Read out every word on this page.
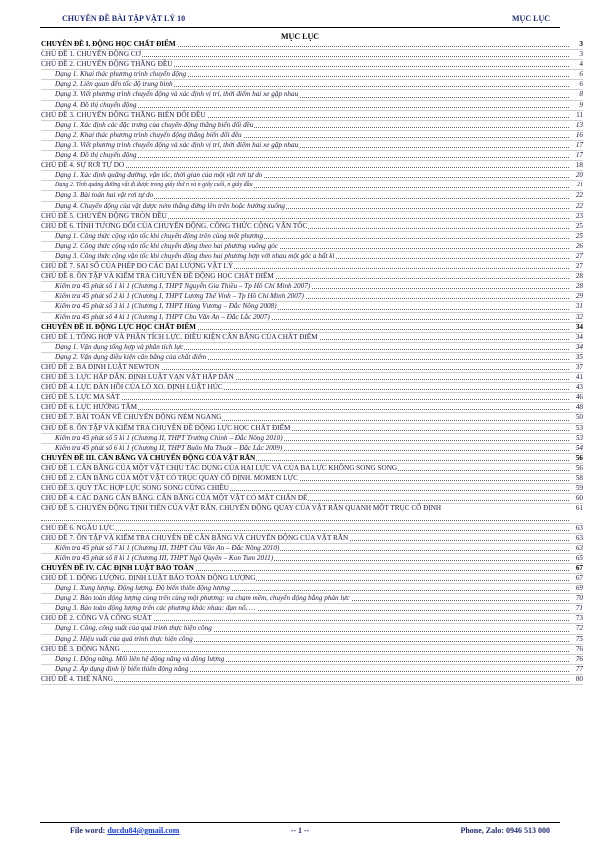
CHUYÊN ĐỀ BÀI TẬP VẬT LÝ 10	MỤC LỤC
MỤC LỤC
CHUYÊN ĐỀ I. ĐỘNG HỌC CHẤT ĐIỂM	3
CHỦ ĐỀ 1. CHUYỂN ĐỘNG CƠ	3
CHỦ ĐỀ 2. CHUYỂN ĐỘNG THẲNG ĐỀU	4
Dạng 1. Khai thác phương trình chuyển động	6
Dạng 2. Liên quan đến tốc độ trung bình	6
Dạng 3. Viết phương trình chuyển động và xác định vị trí, thời điểm hai xe gặp nhau	8
Dạng 4. Đồ thị chuyển động	9
CHỦ ĐỀ 3. CHUYỂN ĐỘNG THẲNG BIẾN ĐỔI ĐỀU	11
Dạng 1. Xác định các đặc trưng của chuyển động thẳng biến đổi đều	13
Dạng 2. Khai thác phương trình chuyển động thẳng biến đổi đều	16
Dạng 3. Viết phương trình chuyển động và xác định vị trí, thời điểm hai xe gặp nhau	17
Dạng 4. Đồ thị chuyển động	17
CHỦ ĐỀ 4. SỰ RƠI TỰ DO	18
Dạng 1. Xác định quãng đường, vận tốc, thời gian của một vật rơi tự do	20
Dạng 2. Tính quãng đường vật đi được trong giây thứ n và n giây cuối, n giây đầu	21
Dạng 3. Bài toán hai vật rơi tự do	22
Dạng 4. Chuyển động của vật được ném thẳng đứng lên trên hoặc hướng xuống	22
CHỦ ĐỀ 5. CHUYỂN ĐỘNG TRÒN ĐỀU	23
CHỦ ĐỀ 6. TÍNH TƯƠNG ĐỐI CỦA CHUYỂN ĐỘNG. CÔNG THỨC CỘNG VẬN TỐC	25
Dạng 1. Công thức cộng vận tốc khi chuyển động trên cùng một phương	25
Dạng 2. Công thức cộng vận tốc khi chuyển động theo hai phương vuông góc	26
Dạng 3. Công thức cộng vận tốc khi chuyển động theo hai phương hợp với nhau một góc a bất kì	27
CHỦ ĐỀ 7. SAI SỐ CỦA PHÉP ĐO CÁC ĐẠI LƯỢNG VẬT LÝ	27
CHỦ ĐỀ 8. ÔN TẬP VÀ KIỂM TRA CHUYÊN ĐỀ ĐỘNG HỌC CHẤT ĐIỂM	28
Kiểm tra 45 phút số 1 kì 1 (Chương I, THPT Nguyễn Gia Thiều – Tp Hồ Chí Minh 2007)	28
Kiểm tra 45 phút số 2 kì 1 (Chương I, THPT Lương Thế Vinh – Tp Hồ Chí Minh 2007)	29
Kiểm tra 45 phút số 3 kì 1 (Chương I, THPT Hùng Vương – Đắc Nông 2008)	31
Kiểm tra 45 phút số 4 kì 1 (Chương I, THPT Chu Văn An – Đắc Lắc 2007)	32
CHUYÊN ĐỀ II. ĐỘNG LỰC HỌC CHẤT ĐIỂM	34
CHỦ ĐỀ 1. TỔNG HỢP VÀ PHÂN TÍCH LỰC. ĐIỀU KIỆN CÂN BẰNG CỦA CHẤT ĐIỂM	34
Dạng 1. Vận dụng tổng hợp và phân tích lực	34
Dạng 2. Vận dụng điều kiện cân bằng của chất điểm	35
CHỦ ĐỀ 2. BA ĐỊNH LUẬT NEWTON	37
CHỦ ĐỀ 3. LỰC HẤP DẪN. ĐỊNH LUẬT VẠN VẬT HẤP DẪN	41
CHỦ ĐỀ 4. LỰC ĐÀN HỒI CỦA LÒ XO. ĐỊNH LUẬT HÚC	43
CHỦ ĐỀ 5. LỰC MA SÁT	46
CHỦ ĐỀ 6. LỰC HƯỚNG TÂM	48
CHỦ ĐỀ 7. BÀI TOÁN VỀ CHUYỂN ĐỘNG NÉM NGANG	50
CHỦ ĐỀ 8. ÔN TẬP VÀ KIỂM TRA CHUYÊN ĐỀ ĐỘNG LỰC HỌC CHẤT ĐIỂM	53
Kiểm tra 45 phút số 5 kì 1 (Chương II, THPT Trường Chinh – Đắc Nông 2010)	53
Kiểm tra 45 phút số 6 kì 1 (Chương II, THPT Buôn Ma Thuột – Đắc Lắc 2009)	54
CHUYÊN ĐỀ III. CÂN BẰNG VÀ CHUYỂN ĐỘNG CỦA VẬT RẮN	56
CHỦ ĐỀ 1. CÂN BẰNG CỦA MỘT VẬT CHỊU TÁC DỤNG CỦA HAI LỰC VÀ CỦA BA LỰC KHÔNG SONG SONG	56
CHỦ ĐỀ 2. CÂN BẰNG CỦA MỘT VẬT CÓ TRỤC QUAY CỐ ĐỊNH. MOMEN LỰC	58
CHỦ ĐỀ 3. QUY TẮC HỢP LỰC SONG SONG CÙNG CHIỀU	59
CHỦ ĐỀ 4. CÁC DẠNG CÂN BẰNG. CÂN BẰNG CỦA MỘT VẬT CÓ MẶT CHÂN ĐẾ	60
CHỦ ĐỀ 5. CHUYỂN ĐỘNG TỊNH TIẾN CỦA VẬT RẮN. CHUYỂN ĐỘNG QUAY CỦA VẬT RẮN QUANH MỘT TRỤC CỐ ĐỊNH	61
CHỦ ĐỀ 6. NGẪU LỰC	63
CHỦ ĐỀ 7. ÔN TẬP VÀ KIỂM TRA CHUYÊN ĐỀ CÂN BẰNG VÀ CHUYỂN ĐỘNG CỦA VẬT RẮN	63
Kiểm tra 45 phút số 7 kì 1 (Chương III, THPT Chu Văn An – Đắc Nông 2010)	63
Kiểm tra 45 phút số 8 kì 1 (Chương III, THPT Ngô Quyền – Kon Tum 2011)	65
CHUYÊN ĐỀ IV. CÁC ĐỊNH LUẬT BẢO TOÀN	67
CHỦ ĐỀ 1. ĐỘNG LƯỢNG. ĐỊNH LUẬT BẢO TOÀN ĐỘNG LƯỢNG	67
Dạng 1. Xung lượng. Động lượng. Độ biến thiên động lượng	69
Dạng 2. Bảo toàn động lượng cùng trên cùng một phương: va chạm mềm, chuyển động bằng phản lực	70
Dạng 3. Bảo toàn động lượng trên các phương khác nhau: đạn nổ, …	71
CHỦ ĐỀ 2. CÔNG VÀ CÔNG SUẤT	73
Dạng 1. Công, công suất của quá trình thực hiện công	72
Dạng 2. Hiệu suất của quá trình thực hiện công	75
CHỦ ĐỀ 3. ĐỘNG NĂNG	76
Dạng 1. Động năng. Mối liên hệ động năng và động lượng	76
Dạng 2. Áp dụng định lý biến thiên động năng	77
CHỦ ĐỀ 4. THẾ NĂNG	80
File word: ducdu84@gmail.com	-- 1 --	Phone, Zalo: 0946 513 000
